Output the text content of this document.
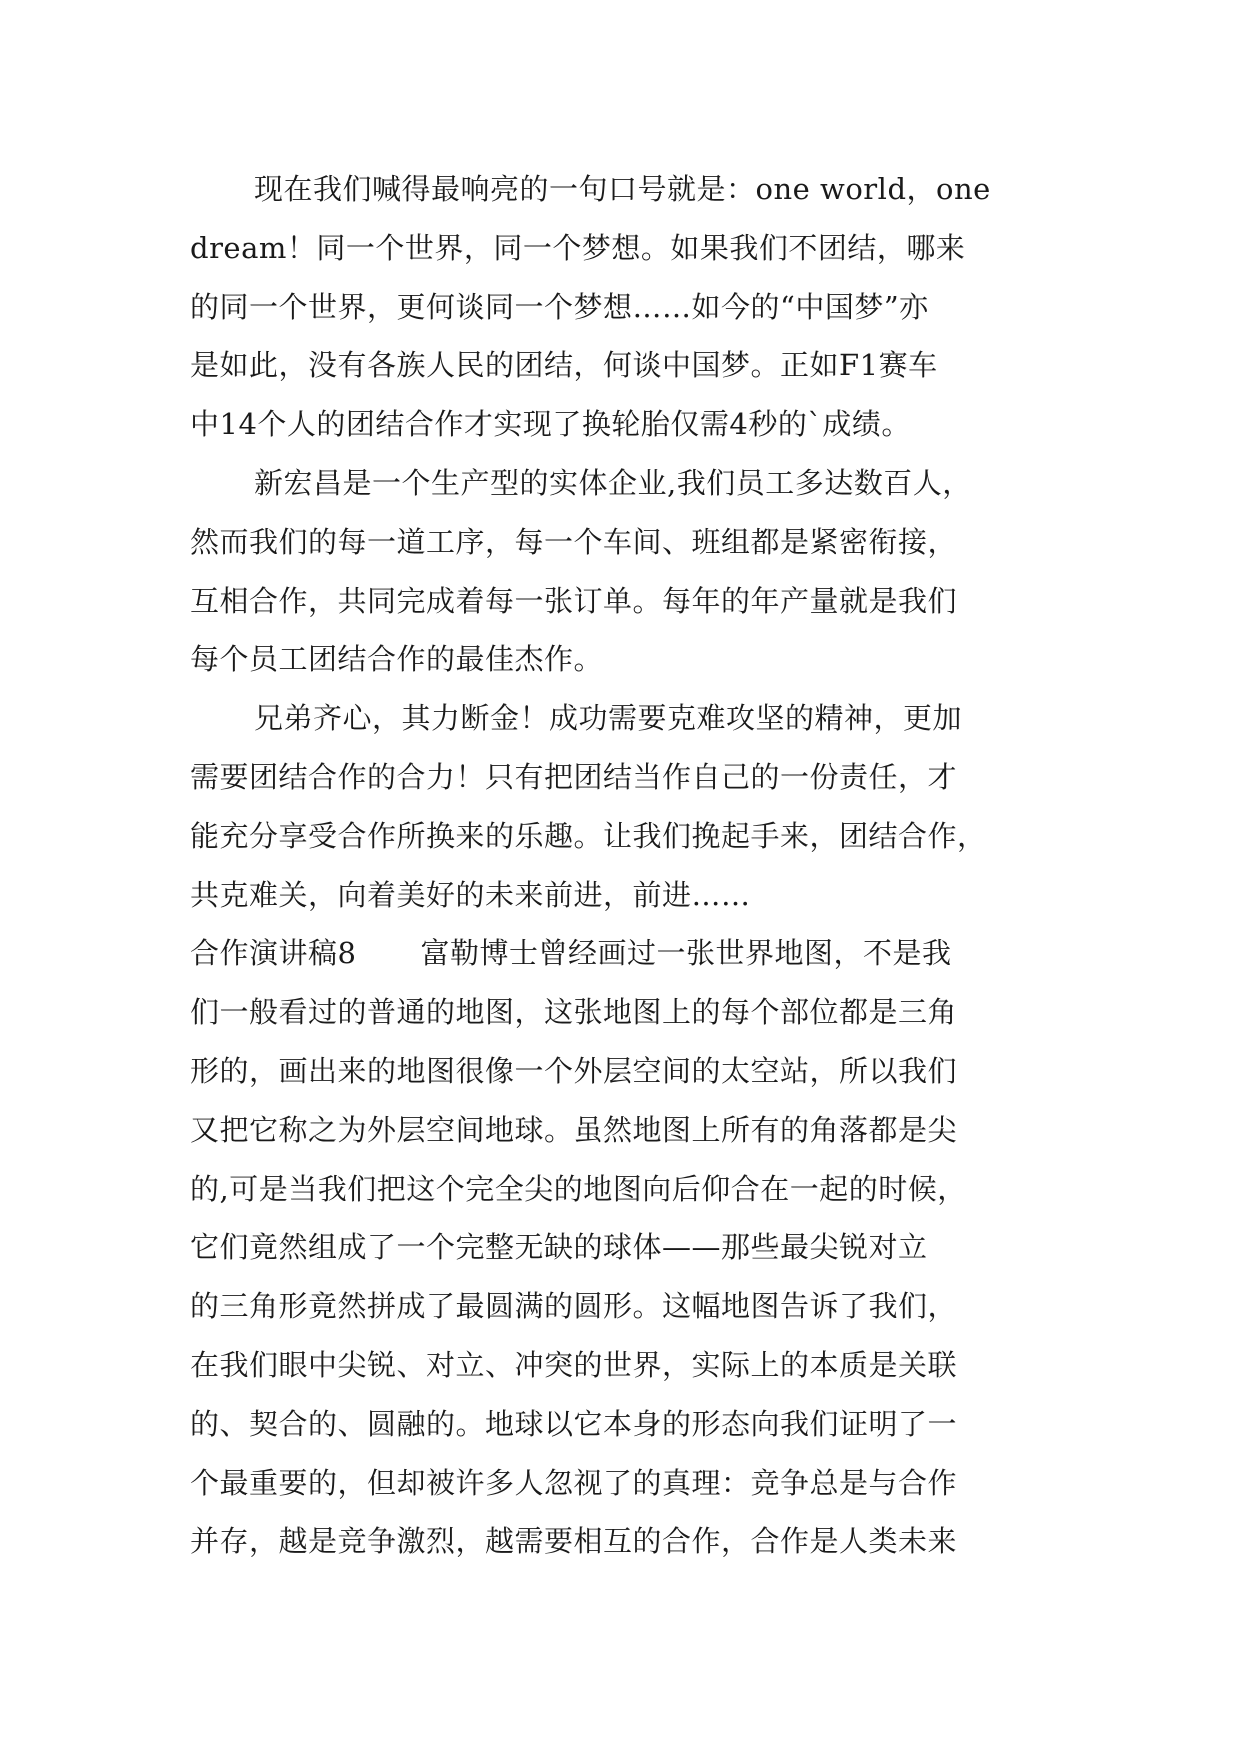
现在我们喊得最响亮的一句口号就是：one world，one
dream！同一个世界，同一个梦想。如果我们不团结，哪来
的同一个世界，更何谈同一个梦想……如今的“中国梦”亦
是如此，没有各族人民的团结，何谈中国梦。正如F1赛车
中14个人的团结合作才实现了换轮胎仅需4秒的`成绩。
新宏昌是一个生产型的实体企业,我们员工多达数百人，
然而我们的每一道工序，每一个车间、班组都是紧密衔接，
互相合作，共同完成着每一张订单。每年的年产量就是我们
每个员工团结合作的最佳杰作。
兄弟齐心，其力断金！成功需要克难攻坚的精神，更加
需要团结合作的合力！只有把团结当作自己的一份责任，才
能充分享受合作所换来的乐趣。让我们挽起手来，团结合作，
共克难关，向着美好的未来前进，前进……
合作演讲稿8 富勒博士曾经画过一张世界地图，不是我
们一般看过的普通的地图，这张地图上的每个部位都是三角
形的，画出来的地图很像一个外层空间的太空站，所以我们
又把它称之为外层空间地球。虽然地图上所有的角落都是尖
的,可是当我们把这个完全尖的地图向后仰合在一起的时候，
它们竟然组成了一个完整无缺的球体——那些最尖锐对立
的三角形竟然拼成了最圆满的圆形。这幅地图告诉了我们，
在我们眼中尖锐、对立、冲突的世界，实际上的本质是关联
的、契合的、圆融的。地球以它本身的形态向我们证明了一
个最重要的，但却被许多人忽视了的真理：竞争总是与合作
并存，越是竞争激烈，越需要相互的合作，合作是人类未来
